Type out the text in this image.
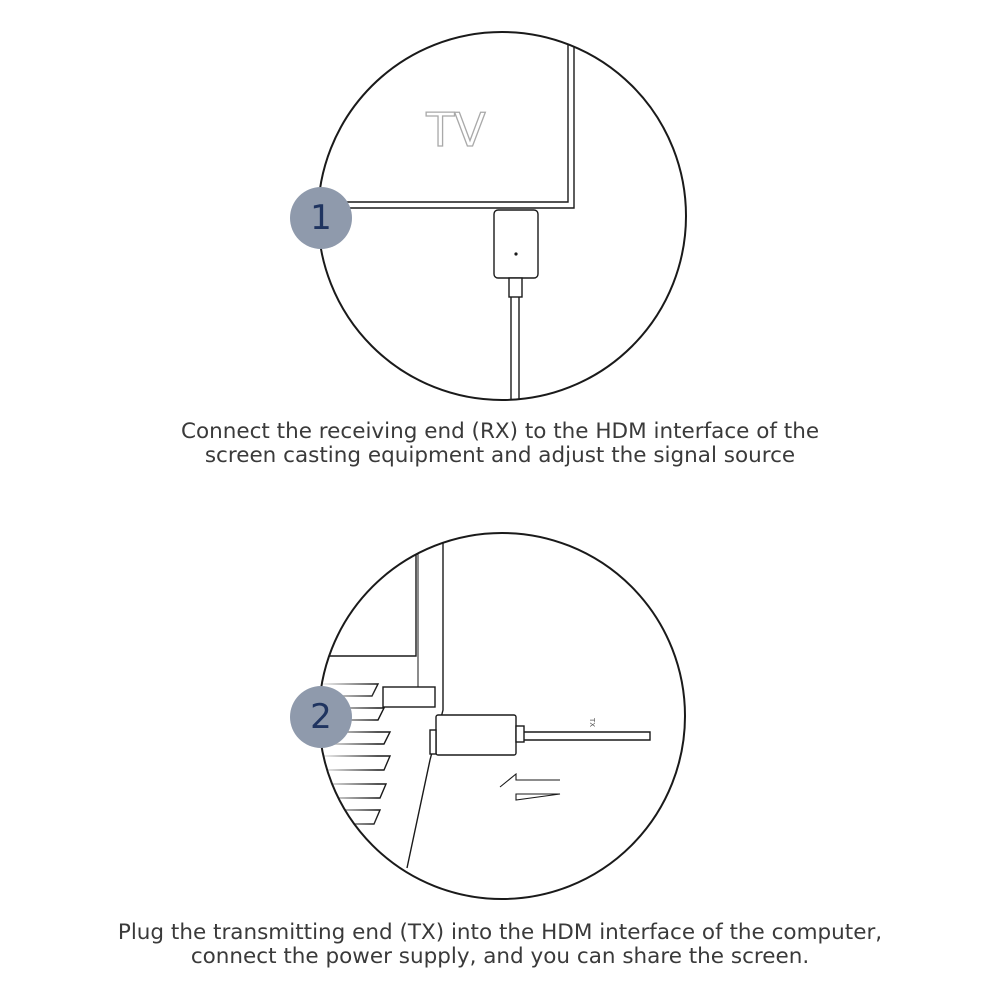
TV
1

Connect the receiving end (RX) to the HDM interface of the
screen casting equipment and adjust the signal source

TX
2

Plug the transmitting end (TX) into the HDM interface of the computer,
connect the power supply, and you can share the screen.
